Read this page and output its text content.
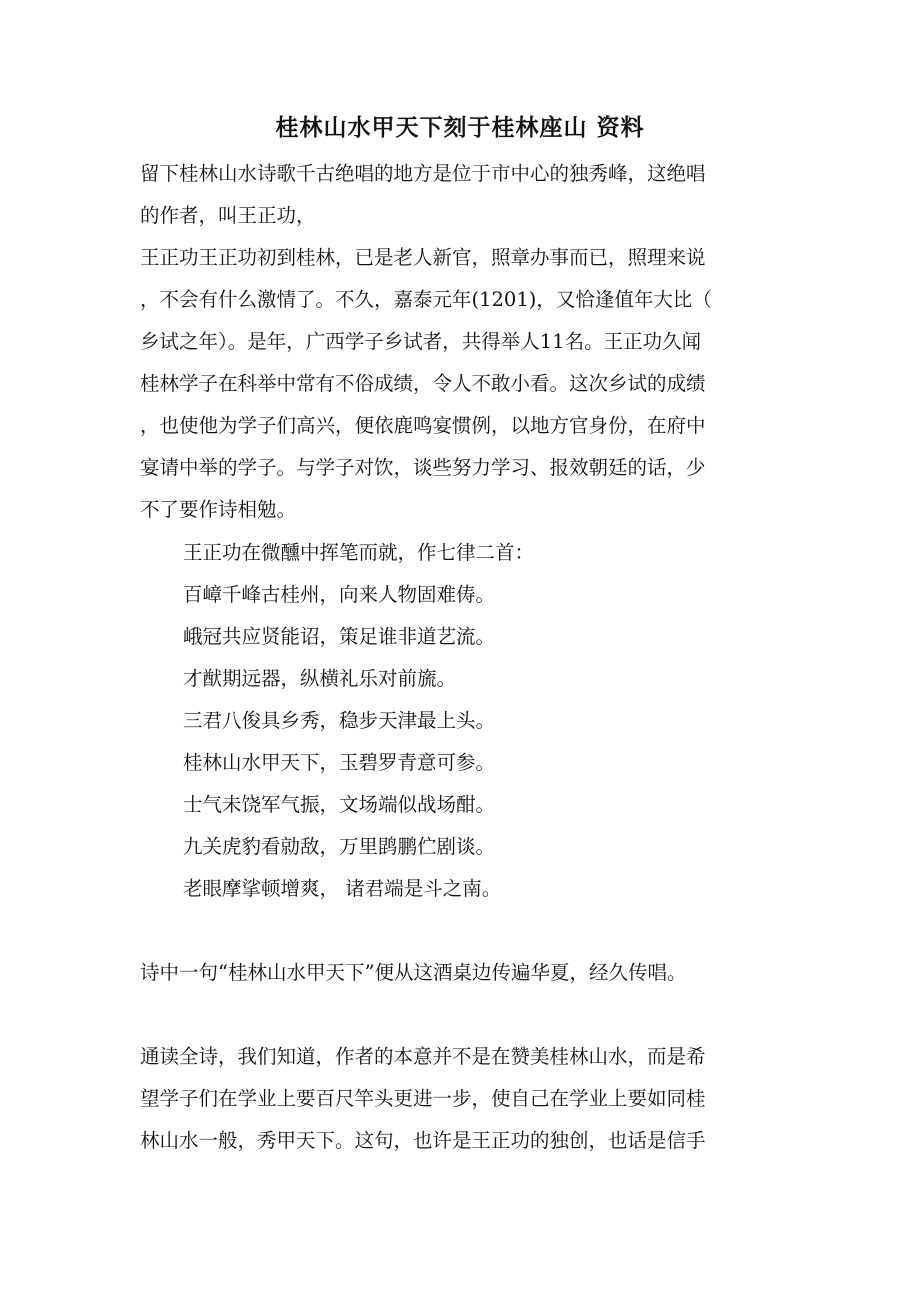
桂林山水甲天下刻于桂林座山 资料
留下桂林山水诗歌千古绝唱的地方是位于市中心的独秀峰，这绝唱
的作者，叫王正功，
王正功王正功初到桂林，已是老人新官，照章办事而已，照理来说
，不会有什么激情了。不久，嘉泰元年(1201)，又恰逢值年大比（
乡试之年）。是年，广西学子乡试者，共得举人11名。王正功久闻
桂林学子在科举中常有不俗成绩，令人不敢小看。这次乡试的成绩
，也使他为学子们高兴，便依鹿鸣宴惯例，以地方官身份，在府中
宴请中举的学子。与学子对饮，谈些努力学习、报效朝廷的话，少
不了要作诗相勉。
王正功在微醺中挥笔而就，作七律二首：
百嶂千峰古桂州，向来人物固难俦。
峨冠共应贤能诏，策足谁非道艺流。
才猷期远器，纵横礼乐对前旒。
三君八俊具乡秀，稳步天津最上头。
桂林山水甲天下，玉碧罗青意可参。
士气未饶军气振，文场端似战场酣。
九关虎豹看勍敌，万里鹍鹏伫剧谈。
老眼摩挲顿增爽， 诸君端是斗之南。
诗中一句“桂林山水甲天下”便从这酒桌边传遍华夏，经久传唱。
通读全诗，我们知道，作者的本意并不是在赞美桂林山水，而是希
望学子们在学业上要百尺竿头更进一步，使自己在学业上要如同桂
林山水一般，秀甲天下。这句，也许是王正功的独创，也话是信手
